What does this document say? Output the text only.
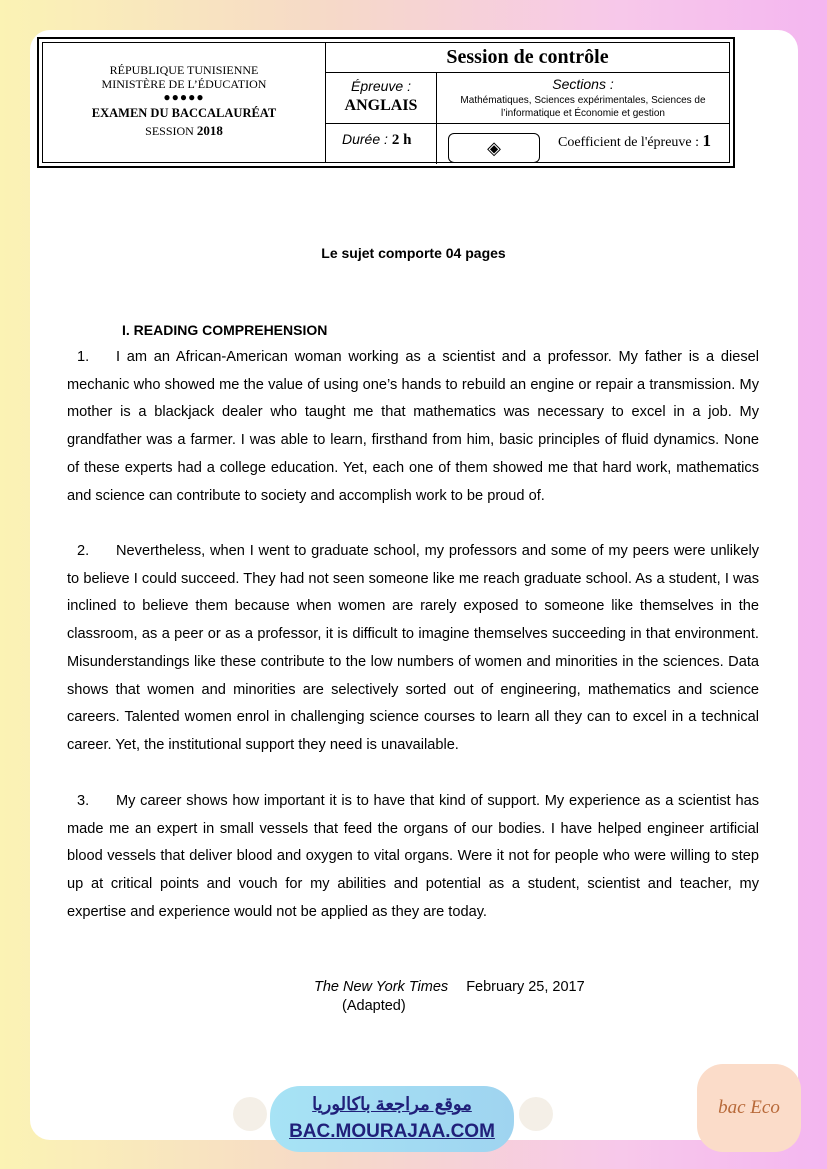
RÉPUBLIQUE TUNISIENNE
MINISTÈRE DE L’ÉDUCATION
●●●●●
EXAMEN DU BACCALAURÉAT
SESSION 2018
Session de contrôle
Épreuve :
ANGLAIS
Sections :
Mathématiques, Sciences expérimentales, Sciences de l’informatique et Économie et gestion
Durée : 2 h	◈	Coefficient de l'épreuve : 1
Le sujet comporte 04 pages
I. READING COMPREHENSION
1. I am an African-American woman working as a scientist and a professor. My father is a diesel mechanic who showed me the value of using one’s hands to rebuild an engine or repair a transmission. My mother is a blackjack dealer who taught me that mathematics was necessary to excel in a job. My grandfather was a farmer. I was able to learn, firsthand from him, basic principles of fluid dynamics. None of these experts had a college education. Yet, each one of them showed me that hard work, mathematics and science can contribute to society and accomplish work to be proud of.
2. Nevertheless, when I went to graduate school, my professors and some of my peers were unlikely to believe I could succeed. They had not seen someone like me reach graduate school. As a student, I was inclined to believe them because when women are rarely exposed to someone like themselves in the classroom, as a peer or as a professor, it is difficult to imagine themselves succeeding in that environment. Misunderstandings like these contribute to the low numbers of women and minorities in the sciences. Data shows that women and minorities are selectively sorted out of engineering, mathematics and science careers. Talented women enrol in challenging science courses to learn all they can to excel in a technical career. Yet, the institutional support they need is unavailable.
3. My career shows how important it is to have that kind of support. My experience as a scientist has made me an expert in small vessels that feed the organs of our bodies. I have helped engineer artificial blood vessels that deliver blood and oxygen to vital organs. Were it not for people who were willing to step up at critical points and vouch for my abilities and potential as a student, scientist and teacher, my expertise and experience would not be applied as they are today.
The New York Times February 25, 2017
(Adapted)
موقع مراجعة باكالوريا
BAC.MOURAJAA.COM
bac Eco
